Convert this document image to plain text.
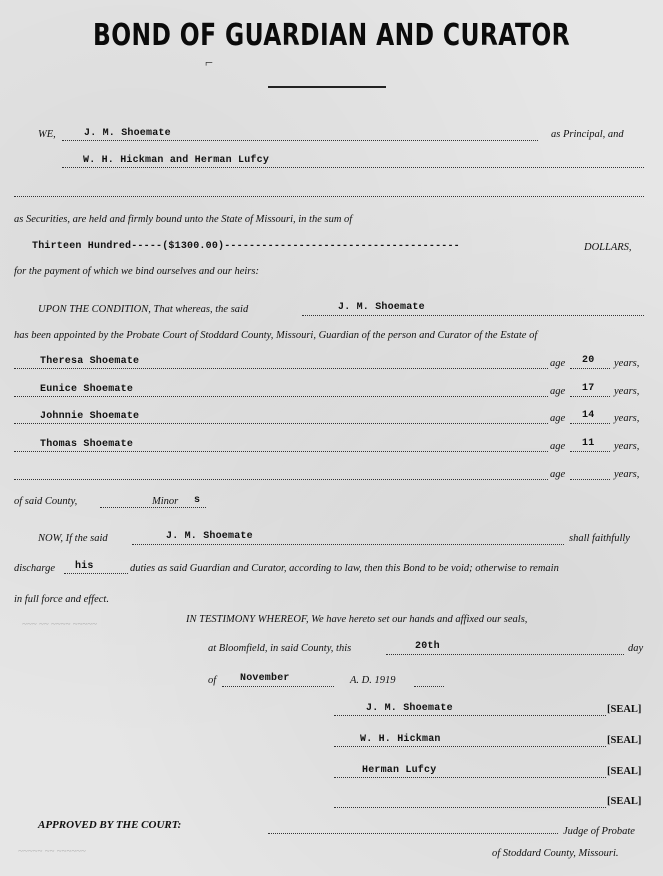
BOND OF GUARDIAN AND CURATOR
⌐
WE,	J. M. Shoemate	as Principal, and
W. H. Hickman and Herman Lufcy
as Securities, are held and firmly bound unto the State of Missouri, in the sum of
Thirteen Hundred-----($1300.00)--------------------------------------	DOLLARS,
for the payment of which we bind ourselves and our heirs:
UPON THE CONDITION, That whereas, the said	J. M. Shoemate
has been appointed by the Probate Court of Stoddard County, Missouri, Guardian of the person and Curator of the Estate of
Theresa Shoemate	age 20 years,
Eunice Shoemate	age 17 years,
Johnnie Shoemate	age 14 years,
Thomas Shoemate	age 11 years,
age	years,
of said County,	Minor s
NOW, If the said	J. M. Shoemate	shall faithfully
discharge his	duties as said Guardian and Curator, according to law, then this Bond to be void; otherwise to remain
in full force and effect.
~~~ ~~ ~~~~ ~~~~~	IN TESTIMONY WHEREOF, We have hereto set our hands and affixed our seals,
at Bloomfield, in said County, this	20th	day
of November	A. D. 1919
J. M. Shoemate	[SEAL]
W. H. Hickman	[SEAL]
Herman Lufcy	[SEAL]
[SEAL]
APPROVED BY THE COURT:
Judge of Probate
of Stoddard County, Missouri.
~~~~~ ~~ ~~~~~~
